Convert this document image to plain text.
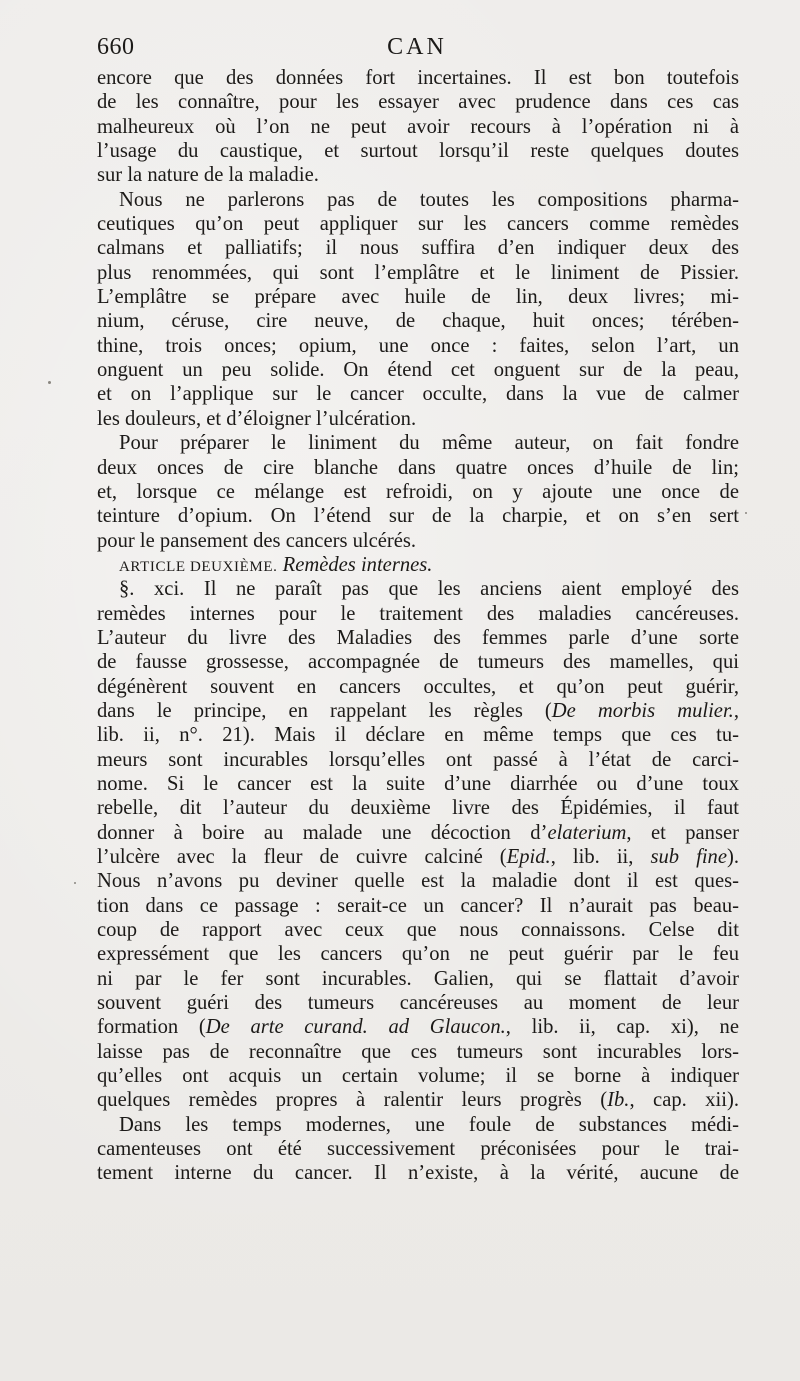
660	CAN
encore que des données fort incertaines. Il est bon toutefois
de les connaître, pour les essayer avec prudence dans ces cas
malheureux où l’on ne peut avoir recours à l’opération ni à
l’usage du caustique, et surtout lorsqu’il reste quelques doutes
sur la nature de la maladie.
Nous ne parlerons pas de toutes les compositions pharma-
ceutiques qu’on peut appliquer sur les cancers comme remèdes
calmans et palliatifs; il nous suffira d’en indiquer deux des
plus renommées, qui sont l’emplâtre et le liniment de Pissier.
L’emplâtre se prépare avec huile de lin, deux livres; mi-
nium, céruse, cire neuve, de chaque, huit onces; térében-
thine, trois onces; opium, une once : faites, selon l’art, un
onguent un peu solide. On étend cet onguent sur de la peau,
et on l’applique sur le cancer occulte, dans la vue de calmer
les douleurs, et d’éloigner l’ulcération.
Pour préparer le liniment du même auteur, on fait fondre
deux onces de cire blanche dans quatre onces d’huile de lin;
et, lorsque ce mélange est refroidi, on y ajoute une once de
teinture d’opium. On l’étend sur de la charpie, et on s’en sert
pour le pansement des cancers ulcérés.
ARTICLE DEUXIÈME. Remèdes internes.
§. xci. Il ne paraît pas que les anciens aient employé des
remèdes internes pour le traitement des maladies cancéreuses.
L’auteur du livre des Maladies des femmes parle d’une sorte
de fausse grossesse, accompagnée de tumeurs des mamelles, qui
dégénèrent souvent en cancers occultes, et qu’on peut guérir,
dans le principe, en rappelant les règles (De morbis mulier.,
lib. ii, n°. 21). Mais il déclare en même temps que ces tu-
meurs sont incurables lorsqu’elles ont passé à l’état de carci-
nome. Si le cancer est la suite d’une diarrhée ou d’une toux
rebelle, dit l’auteur du deuxième livre des Épidémies, il faut
donner à boire au malade une décoction d’elaterium, et panser
l’ulcère avec la fleur de cuivre calciné (Epid., lib. ii, sub fine).
Nous n’avons pu deviner quelle est la maladie dont il est ques-
tion dans ce passage : serait-ce un cancer? Il n’aurait pas beau-
coup de rapport avec ceux que nous connaissons. Celse dit
expressément que les cancers qu’on ne peut guérir par le feu
ni par le fer sont incurables. Galien, qui se flattait d’avoir
souvent guéri des tumeurs cancéreuses au moment de leur
formation (De arte curand. ad Glaucon., lib. ii, cap. xi), ne
laisse pas de reconnaître que ces tumeurs sont incurables lors-
qu’elles ont acquis un certain volume; il se borne à indiquer
quelques remèdes propres à ralentir leurs progrès (Ib., cap. xii).
Dans les temps modernes, une foule de substances médi-
camenteuses ont été successivement préconisées pour le trai-
tement interne du cancer. Il n’existe, à la vérité, aucune de
